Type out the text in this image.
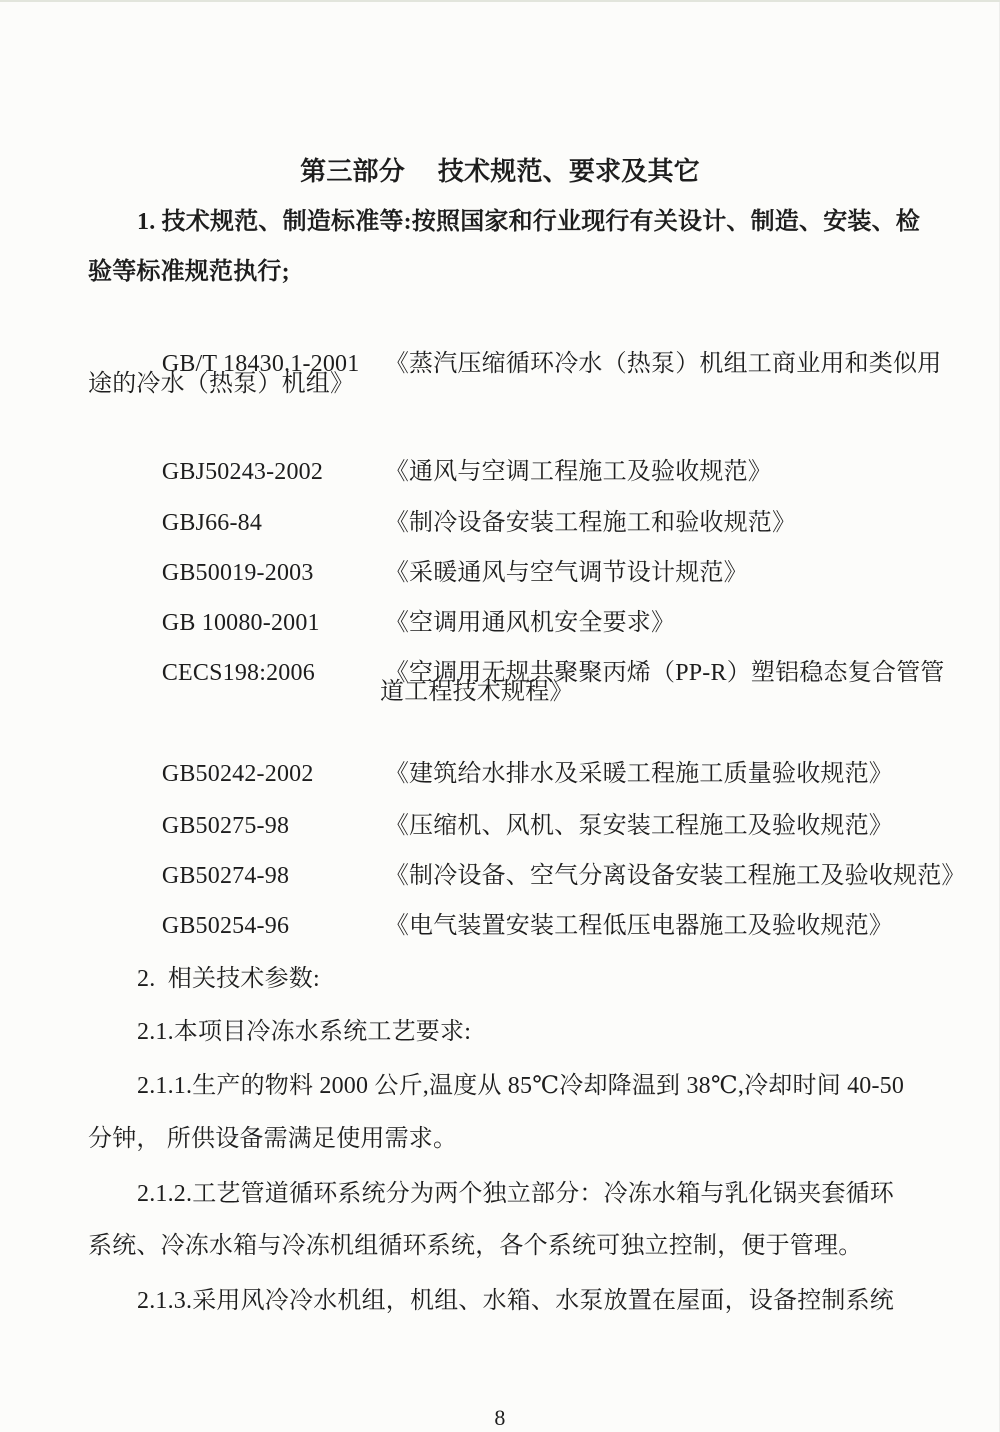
第三部分　 技术规范、要求及其它
1. 技术规范、制造标准等:按照国家和行业现行有关设计、制造、安装、检
验等标准规范执行;

GB/T 18430.1-2001 《蒸汽压缩循环冷水（热泵）机组工商业用和类似用

途的冷水（热泵）机组》

GBJ50243-2002	《通风与空调工程施工及验收规范》

GBJ66-84	《制冷设备安装工程施工和验收规范》

GB50019-2003	《采暖通风与空气调节设计规范》

GB 10080-2001	《空调用通风机安全要求》

CECS198:2006	《空调用无规共聚聚丙烯（PP-R）塑铝稳态复合管管

道工程技术规程》

GB50242-2002	《建筑给水排水及采暖工程施工质量验收规范》

GB50275-98	《压缩机、风机、泵安装工程施工及验收规范》

GB50274-98	《制冷设备、空气分离设备安装工程施工及验收规范》

GB50254-96	《电气装置安装工程低压电器施工及验收规范》

2.  相关技术参数:
2.1.本项目冷冻水系统工艺要求:
2.1.1.生产的物料 2000 公斤,温度从 85℃冷却降温到 38℃,冷却时间 40-50
分钟， 所供设备需满足使用需求。
2.1.2.工艺管道循环系统分为两个独立部分：冷冻水箱与乳化锅夹套循环
系统、冷冻水箱与冷冻机组循环系统，各个系统可独立控制，便于管理。
2.1.3.采用风冷冷水机组，机组、水箱、水泵放置在屋面，设备控制系统
8
